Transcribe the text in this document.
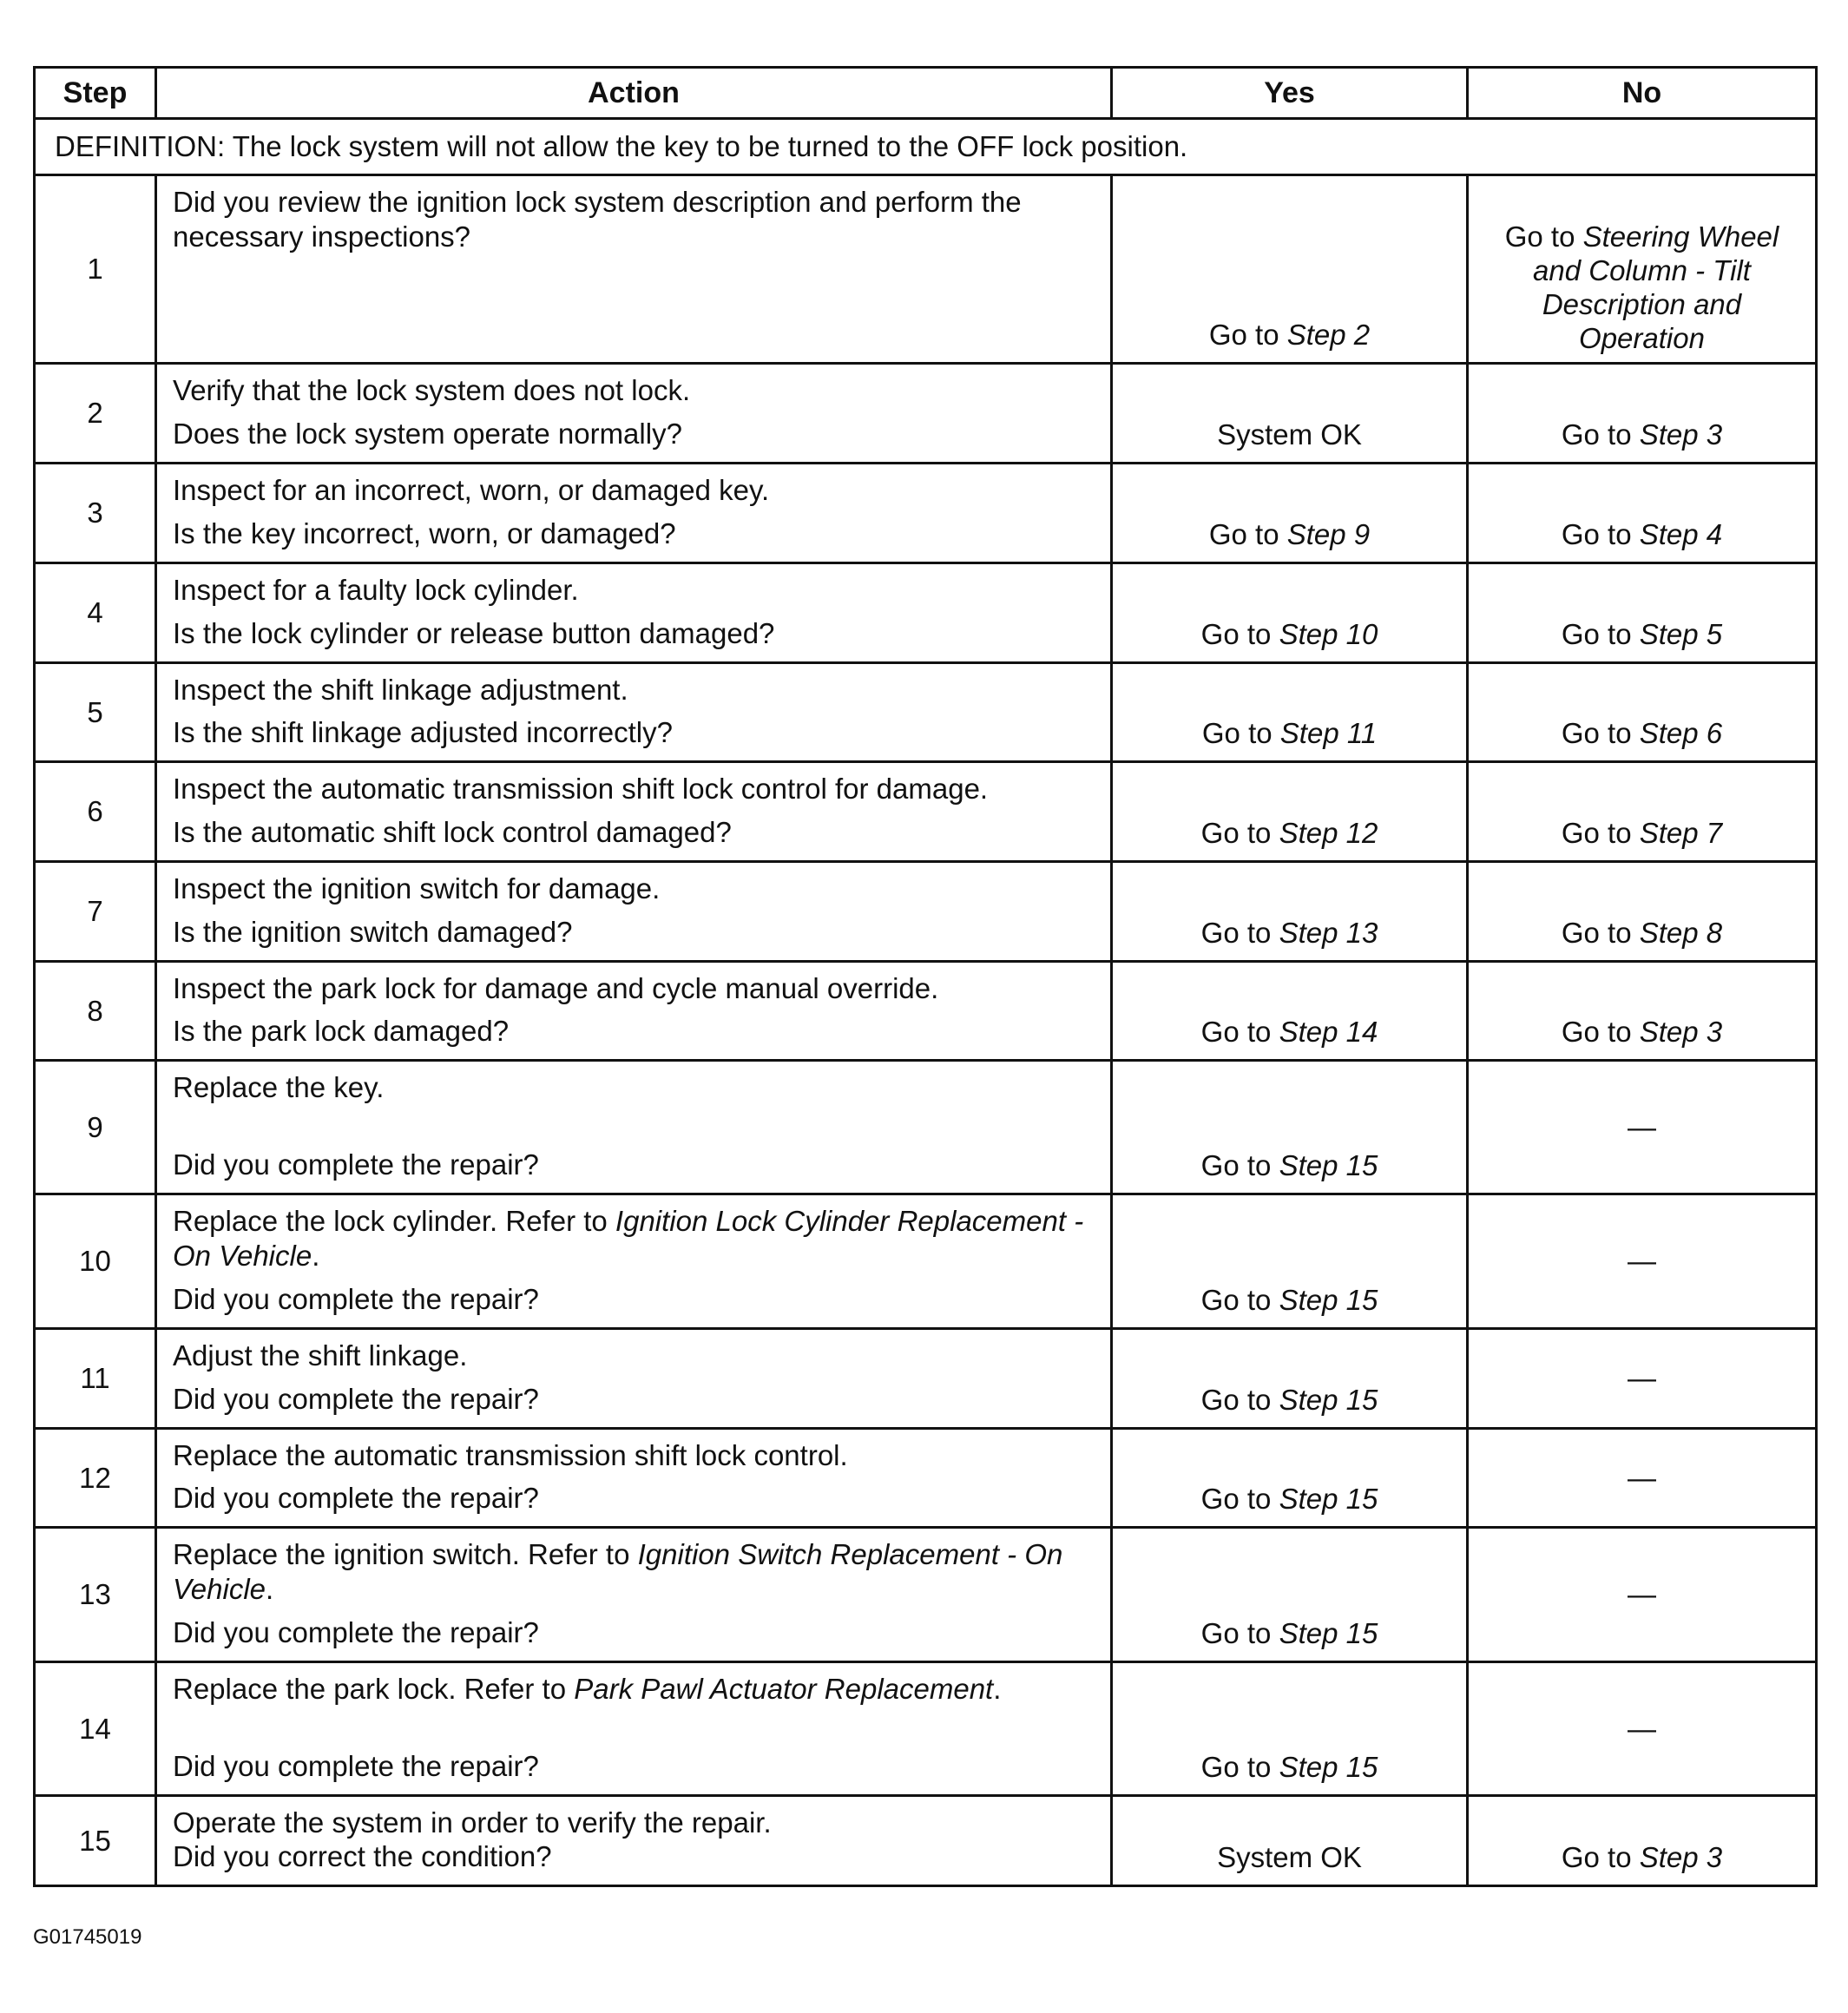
Step	Action	Yes	No
DEFINITION: The lock system will not allow the key to be turned to the OFF lock position.			
1	Did you review the ignition lock system description and perform the necessary inspections?	Go to Step 2	Go to Steering Wheel and Column - Tilt Description and Operation
2	Verify that the lock system does not lock.
Does the lock system operate normally?	System OK	Go to Step 3
3	Inspect for an incorrect, worn, or damaged key.
Is the key incorrect, worn, or damaged?	Go to Step 9	Go to Step 4
4	Inspect for a faulty lock cylinder.
Is the lock cylinder or release button damaged?	Go to Step 10	Go to Step 5
5	Inspect the shift linkage adjustment.
Is the shift linkage adjusted incorrectly?	Go to Step 11	Go to Step 6
6	Inspect the automatic transmission shift lock control for damage.
Is the automatic shift lock control damaged?	Go to Step 12	Go to Step 7
7	Inspect the ignition switch for damage.
Is the ignition switch damaged?	Go to Step 13	Go to Step 8
8	Inspect the park lock for damage and cycle manual override.
Is the park lock damaged?	Go to Step 14	Go to Step 3
9	Replace the key.
Did you complete the repair?	Go to Step 15	—
10	Replace the lock cylinder. Refer to Ignition Lock Cylinder Replacement - On Vehicle.
Did you complete the repair?	Go to Step 15	—
11	Adjust the shift linkage.
Did you complete the repair?	Go to Step 15	—
12	Replace the automatic transmission shift lock control.
Did you complete the repair?	Go to Step 15	—
13	Replace the ignition switch. Refer to Ignition Switch Replacement - On Vehicle.
Did you complete the repair?	Go to Step 15	—
14	Replace the park lock. Refer to Park Pawl Actuator Replacement.
Did you complete the repair?	Go to Step 15	—
15	Operate the system in order to verify the repair.
Did you correct the condition?	System OK	Go to Step 3
G01745019
